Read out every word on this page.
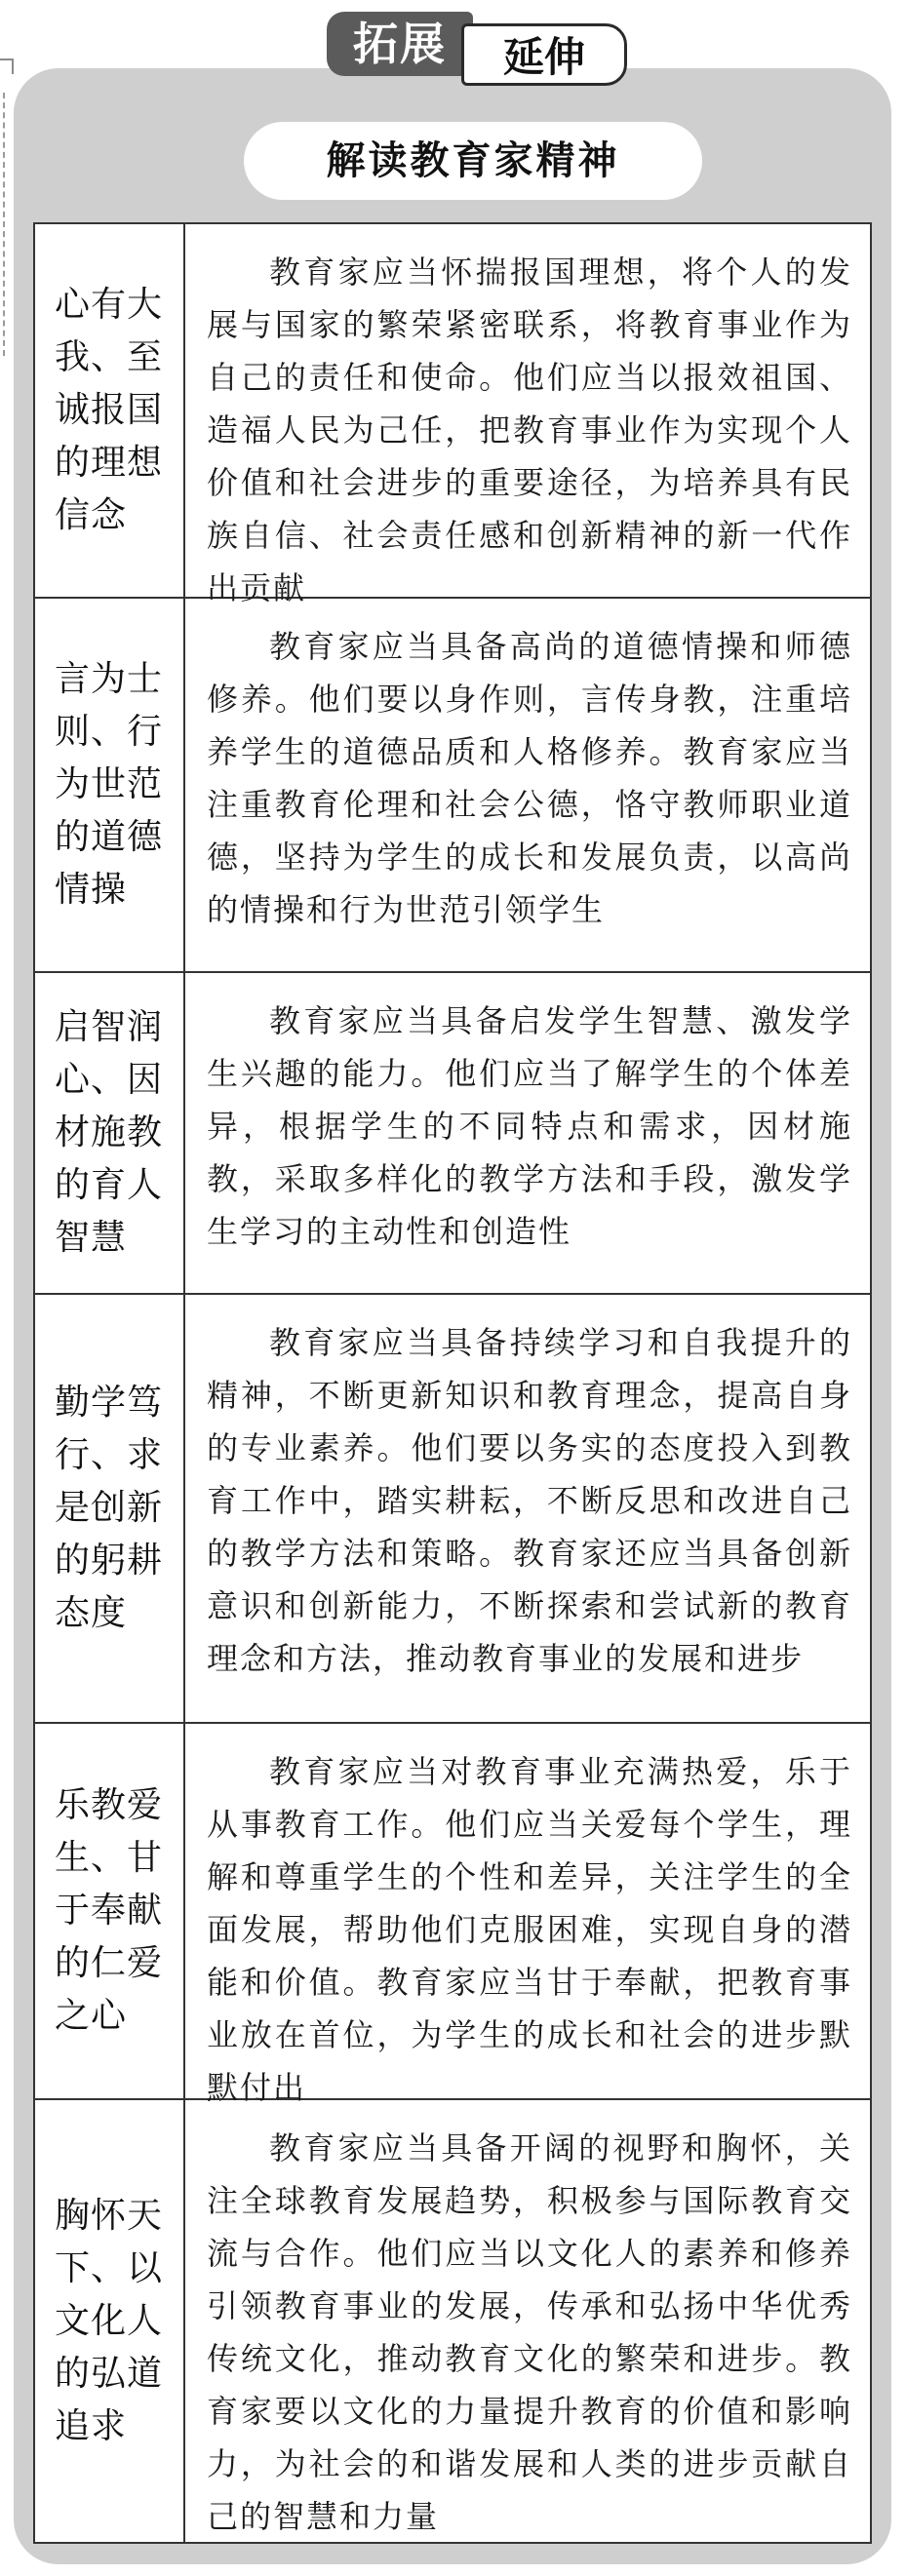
拓展	延伸
解读教育家精神
心有大我、至诚报国的理想信念
教育家应当怀揣报国理想，将个人的发展与国家的繁荣紧密联系，将教育事业作为自己的责任和使命。他们应当以报效祖国、造福人民为己任，把教育事业作为实现个人价值和社会进步的重要途径，为培养具有民族自信、社会责任感和创新精神的新一代作出贡献
言为士则、行为世范的道德情操
教育家应当具备高尚的道德情操和师德修养。他们要以身作则，言传身教，注重培养学生的道德品质和人格修养。教育家应当注重教育伦理和社会公德，恪守教师职业道德，坚持为学生的成长和发展负责，以高尚的情操和行为世范引领学生
启智润心、因材施教的育人智慧
教育家应当具备启发学生智慧、激发学生兴趣的能力。他们应当了解学生的个体差异，根据学生的不同特点和需求，因材施教，采取多样化的教学方法和手段，激发学生学习的主动性和创造性
勤学笃行、求是创新的躬耕态度
教育家应当具备持续学习和自我提升的精神，不断更新知识和教育理念，提高自身的专业素养。他们要以务实的态度投入到教育工作中，踏实耕耘，不断反思和改进自己的教学方法和策略。教育家还应当具备创新意识和创新能力，不断探索和尝试新的教育理念和方法，推动教育事业的发展和进步
乐教爱生、甘于奉献的仁爱之心
教育家应当对教育事业充满热爱，乐于从事教育工作。他们应当关爱每个学生，理解和尊重学生的个性和差异，关注学生的全面发展，帮助他们克服困难，实现自身的潜能和价值。教育家应当甘于奉献，把教育事业放在首位，为学生的成长和社会的进步默默付出
胸怀天下、以文化人的弘道追求
教育家应当具备开阔的视野和胸怀，关注全球教育发展趋势，积极参与国际教育交流与合作。他们应当以文化人的素养和修养引领教育事业的发展，传承和弘扬中华优秀传统文化，推动教育文化的繁荣和进步。教育家要以文化的力量提升教育的价值和影响力，为社会的和谐发展和人类的进步贡献自己的智慧和力量
